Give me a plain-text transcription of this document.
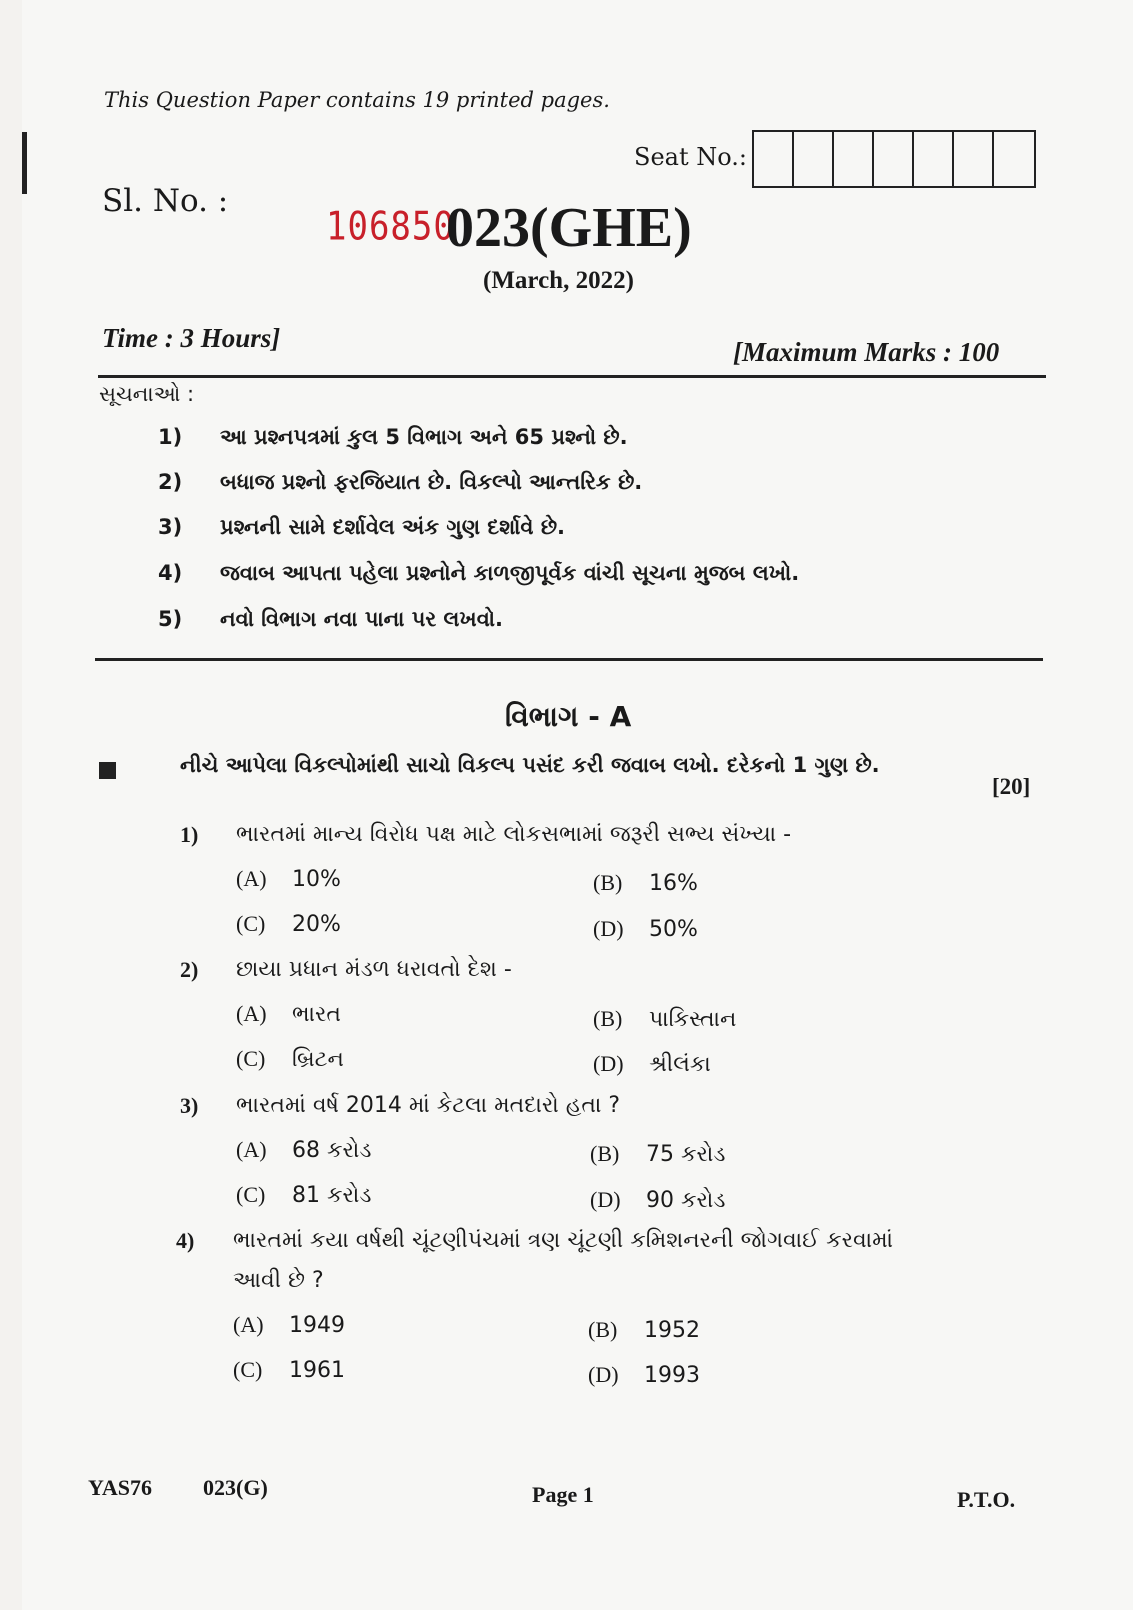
This Question Paper contains 19 printed pages.
Seat No.:
Sl. No. :
106850
023(GHE)
(March, 2022)
Time : 3 Hours]	[Maximum Marks : 100
સૂચનાઓ :
1) આ પ્રશ્નપત્રમાં કુલ 5 વિભાગ અને 65 પ્રશ્નો છે.
2) બધાજ પ્રશ્નો ફરજિયાત છે. વિકલ્પો આન્તરિક છે.
3) પ્રશ્નની સામે દર્શાવેલ અંક ગુણ દર્શાવે છે.
4) જવાબ આપતા પહેલા પ્રશ્નોને કાળજીપૂર્વક વાંચી સૂચના મુજબ લખો.
5) નવો વિભાગ નવા પાના પર લખવો.
વિભાગ - A
નીચે આપેલા વિકલ્પોમાંથી સાચો વિકલ્પ પસંદ કરી જવાબ લખો. દરેકનો 1 ગુણ છે.
[20]
1) ભારતમાં માન્ય વિરોધ પક્ષ માટે લોકસભામાં જરૂરી સભ્ય સંખ્યા -
(A) 10%	(B) 16%
(C) 20%	(D) 50%
2) છાયા પ્રધાન મંડળ ધરાવતો દેશ -
(A) ભારત	(B) પાકિસ્તાન
(C) બ્રિટન	(D) શ્રીલંકા
3) ભારતમાં વર્ષ 2014 માં કેટલા મતદારો હતા ?
(A) 68 કરોડ	(B) 75 કરોડ
(C) 81 કરોડ	(D) 90 કરોડ
4) ભારતમાં કયા વર્ષથી ચૂંટણીપંચમાં ત્રણ ચૂંટણી કમિશનરની જોગવાઈ કરવામાં
આવી છે ?
(A) 1949	(B) 1952
(C) 1961	(D) 1993
YAS76 023(G)	Page 1	P.T.O.
